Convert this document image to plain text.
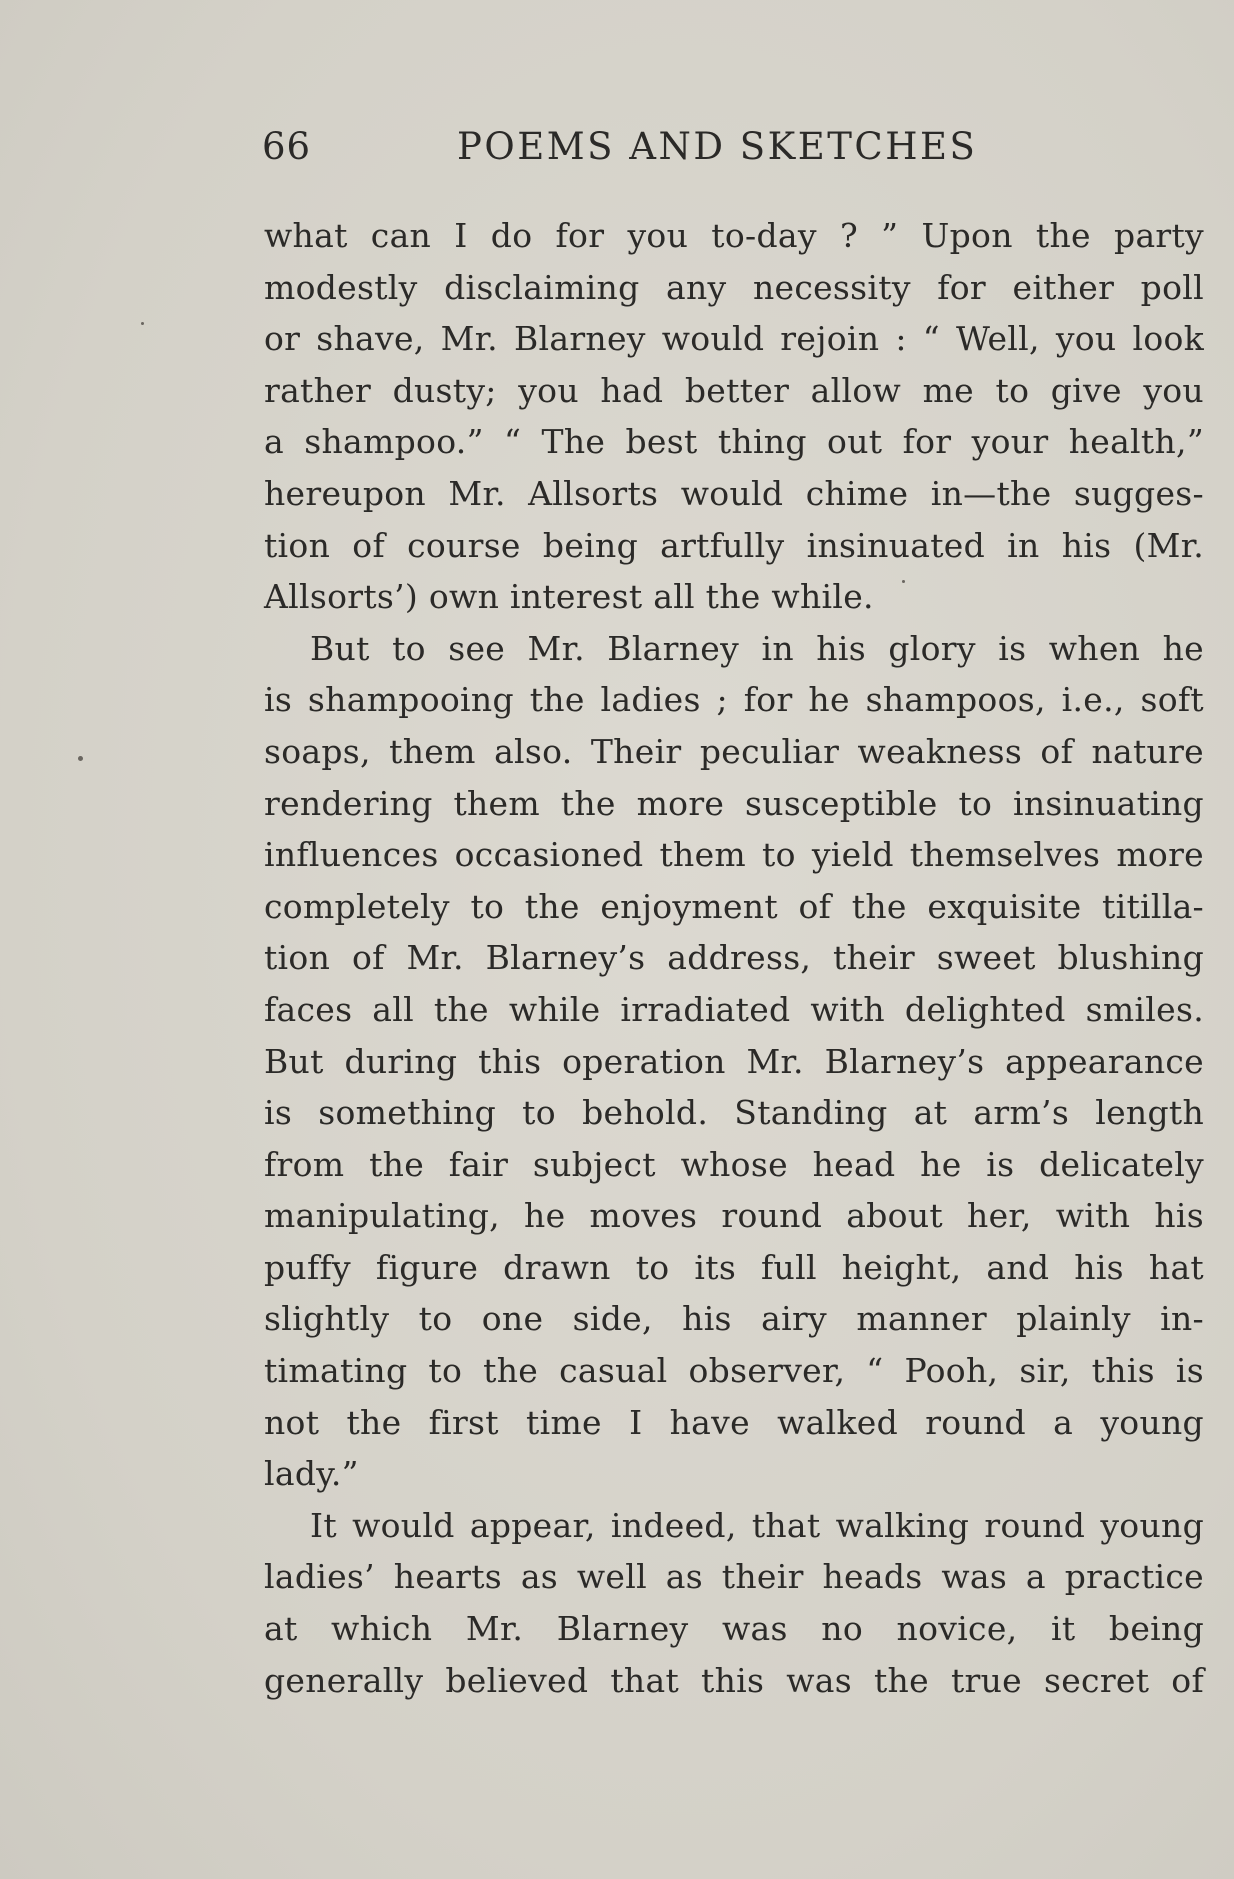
66	POEMS AND SKETCHES
what can I do for you to-day ? ” Upon the party
modestly disclaiming any necessity for either poll
or shave, Mr. Blarney would rejoin : “ Well, you look
rather dusty; you had better allow me to give you
a shampoo.” “ The best thing out for your health,”
hereupon Mr. Allsorts would chime in—the sugges-
tion of course being artfully insinuated in his (Mr.
Allsorts’) own interest all the while.
But to see Mr. Blarney in his glory is when he
is shampooing the ladies ; for he shampoos, i.e., soft
soaps, them also. Their peculiar weakness of nature
rendering them the more susceptible to insinuating
influences occasioned them to yield themselves more
completely to the enjoyment of the exquisite titilla-
tion of Mr. Blarney’s address, their sweet blushing
faces all the while irradiated with delighted smiles.
But during this operation Mr. Blarney’s appearance
is something to behold. Standing at arm’s length
from the fair subject whose head he is delicately
manipulating, he moves round about her, with his
puffy figure drawn to its full height, and his hat
slightly to one side, his airy manner plainly in-
timating to the casual observer, “ Pooh, sir, this is
not the first time I have walked round a young
lady.”
It would appear, indeed, that walking round young
ladies’ hearts as well as their heads was a practice
at which Mr. Blarney was no novice, it being
generally believed that this was the true secret of
